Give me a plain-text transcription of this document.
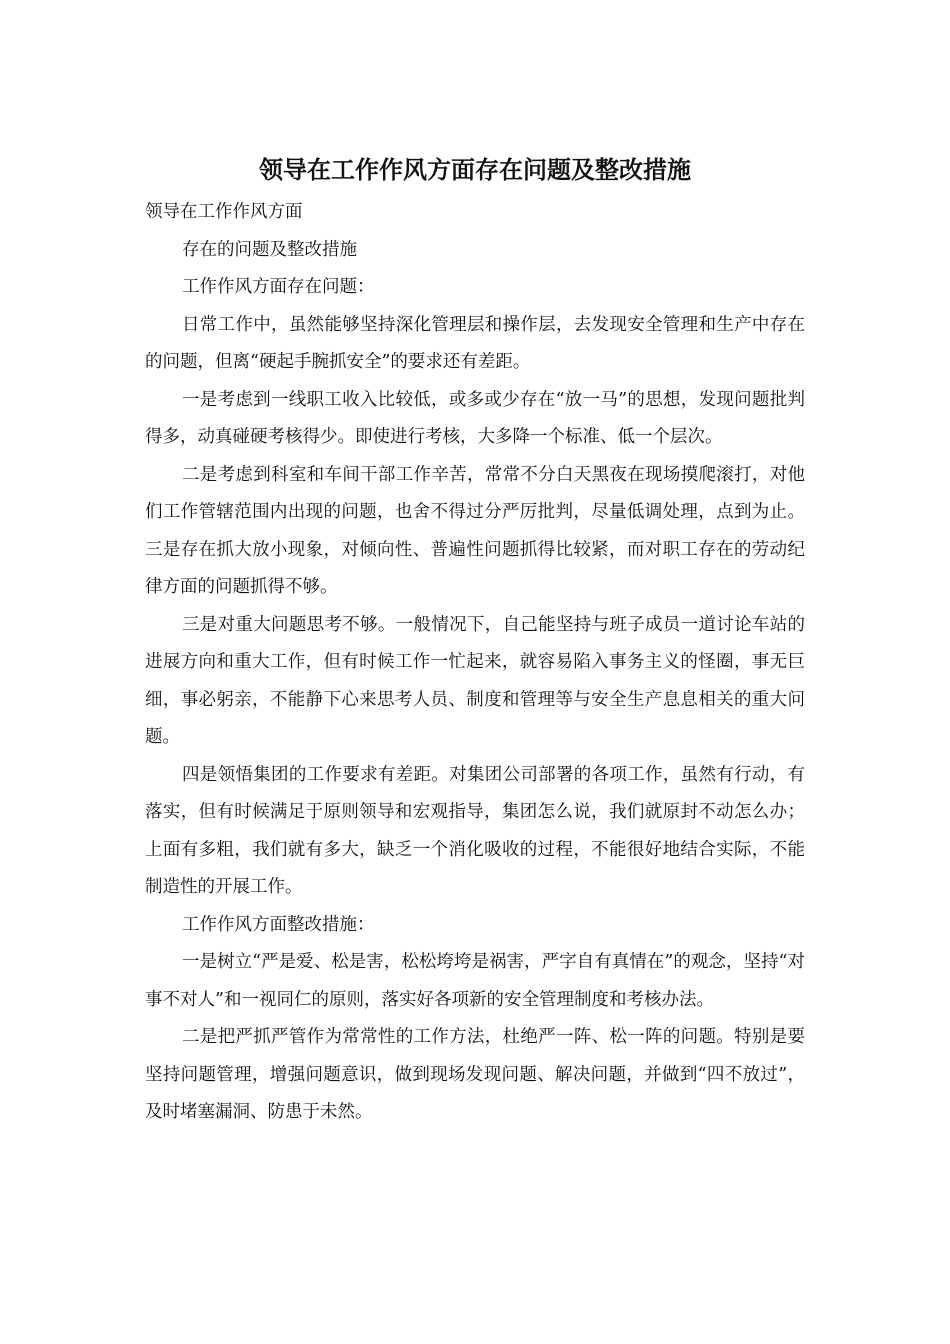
领导在工作作风方面存在问题及整改措施

领导在工作作风方面

存在的问题及整改措施

工作作风方面存在问题：

日常工作中，虽然能够坚持深化管理层和操作层，去发现安全管理和生产中存在的问题，但离“硬起手腕抓安全”的要求还有差距。

一是考虑到一线职工收入比较低，或多或少存在“放一马”的思想，发现问题批判得多，动真碰硬考核得少。即使进行考核，大多降一个标准、低一个层次。

二是考虑到科室和车间干部工作辛苦，常常不分白天黑夜在现场摸爬滚打，对他们工作管辖范围内出现的问题，也舍不得过分严厉批判，尽量低调处理，点到为止。三是存在抓大放小现象，对倾向性、普遍性问题抓得比较紧，而对职工存在的劳动纪律方面的问题抓得不够。

三是对重大问题思考不够。一般情况下，自己能坚持与班子成员一道讨论车站的进展方向和重大工作，但有时候工作一忙起来，就容易陷入事务主义的怪圈，事无巨细，事必躬亲，不能静下心来思考人员、制度和管理等与安全生产息息相关的重大问题。

四是领悟集团的工作要求有差距。对集团公司部署的各项工作，虽然有行动，有落实，但有时候满足于原则领导和宏观指导，集团怎么说，我们就原封不动怎么办；上面有多粗，我们就有多大，缺乏一个消化吸收的过程，不能很好地结合实际，不能制造性的开展工作。

工作作风方面整改措施：

一是树立“严是爱、松是害，松松垮垮是祸害，严字自有真情在”的观念，坚持“对事不对人”和一视同仁的原则，落实好各项新的安全管理制度和考核办法。

二是把严抓严管作为常常性的工作方法，杜绝严一阵、松一阵的问题。特别是要坚持问题管理，增强问题意识，做到现场发现问题、解决问题，并做到“四不放过”，及时堵塞漏洞、防患于未然。
